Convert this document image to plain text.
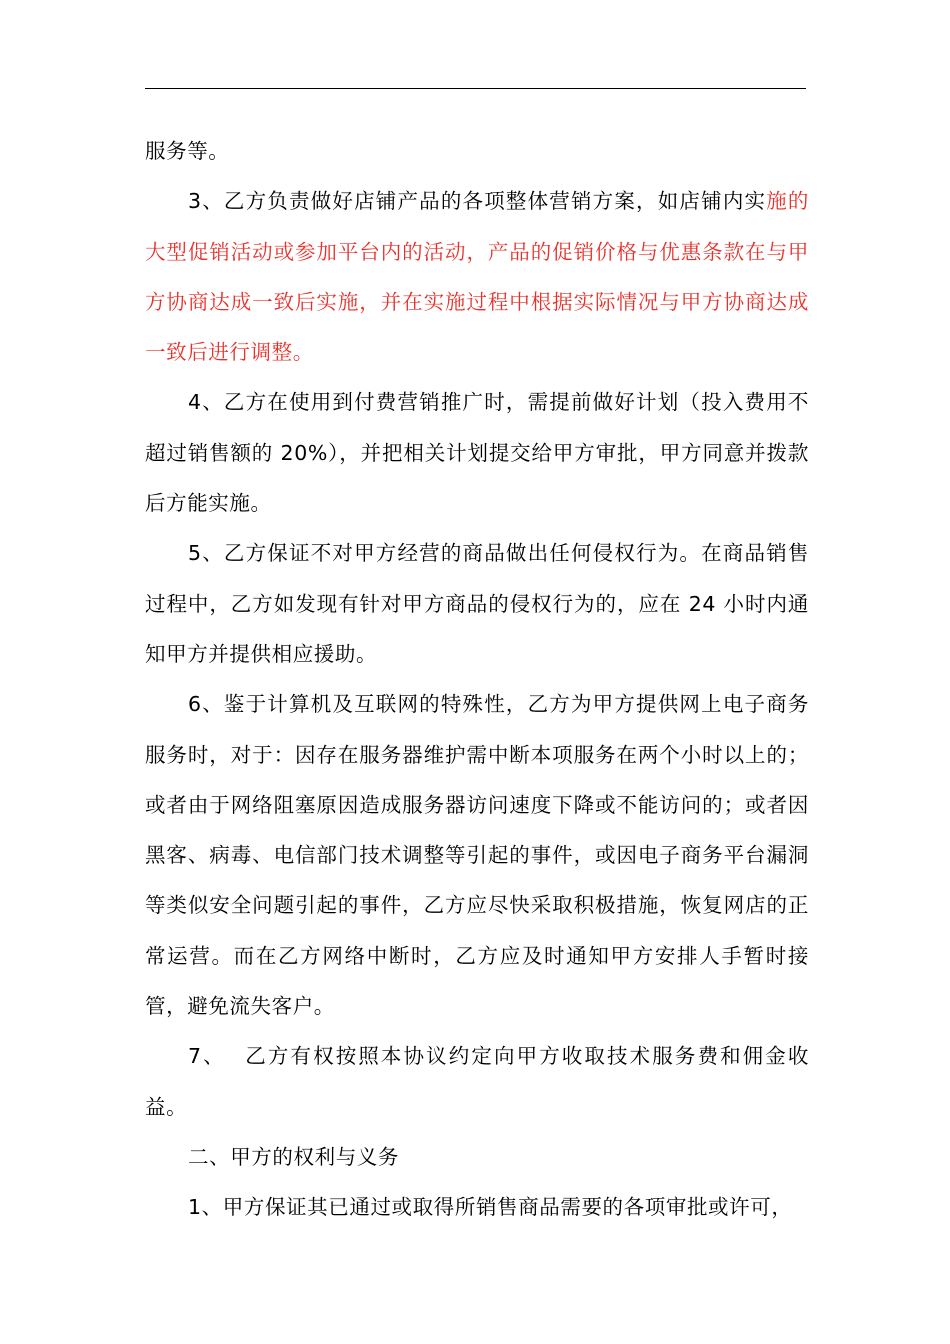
服务等。

3、乙方负责做好店铺产品的各项整体营销方案，如店铺内实施的大型促销活动或参加平台内的活动，产品的促销价格与优惠条款在与甲方协商达成一致后实施，并在实施过程中根据实际情况与甲方协商达成一致后进行调整。

4、乙方在使用到付费营销推广时，需提前做好计划（投入费用不超过销售额的 20%），并把相关计划提交给甲方审批，甲方同意并拨款后方能实施。

5、乙方保证不对甲方经营的商品做出任何侵权行为。在商品销售过程中，乙方如发现有针对甲方商品的侵权行为的，应在 24 小时内通知甲方并提供相应援助。

6、鉴于计算机及互联网的特殊性，乙方为甲方提供网上电子商务服务时，对于：因存在服务器维护需中断本项服务在两个小时以上的；或者由于网络阻塞原因造成服务器访问速度下降或不能访问的；或者因黑客、病毒、电信部门技术调整等引起的事件，或因电子商务平台漏洞等类似安全问题引起的事件，乙方应尽快采取积极措施，恢复网店的正常运营。而在乙方网络中断时，乙方应及时通知甲方安排人手暂时接管，避免流失客户。

7、 乙方有权按照本协议约定向甲方收取技术服务费和佣金收益。

二、甲方的权利与义务

1、甲方保证其已通过或取得所销售商品需要的各项审批或许可，
